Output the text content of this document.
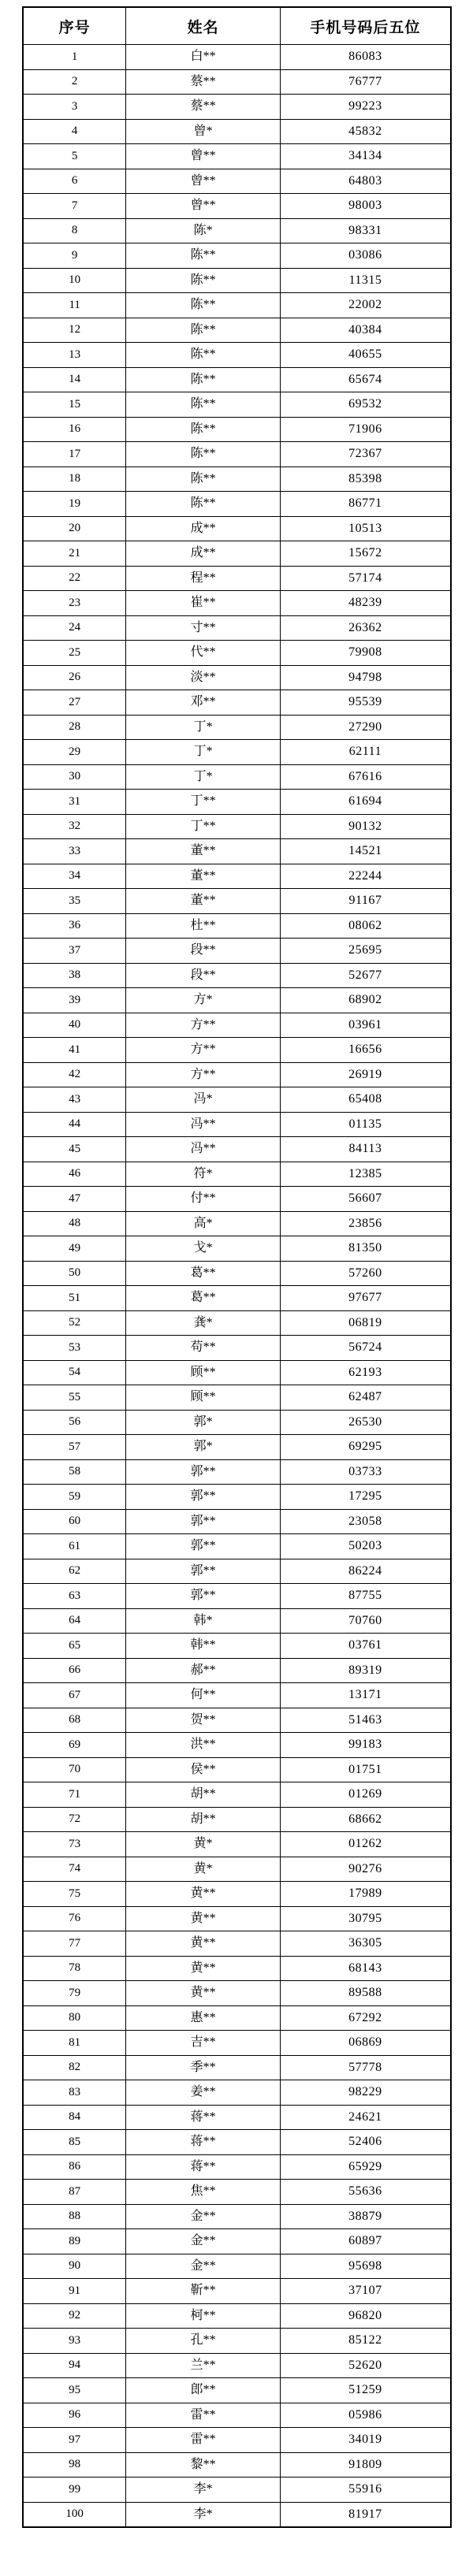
序号	姓名	手机号码后五位
1	白**	86083
2	蔡**	76777
3	蔡**	99223
4	曾*	45832
5	曾**	34134
6	曾**	64803
7	曾**	98003
8	陈*	98331
9	陈**	03086
10	陈**	11315
11	陈**	22002
12	陈**	40384
13	陈**	40655
14	陈**	65674
15	陈**	69532
16	陈**	71906
17	陈**	72367
18	陈**	85398
19	陈**	86771
20	成**	10513
21	成**	15672
22	程**	57174
23	崔**	48239
24	寸**	26362
25	代**	79908
26	淡**	94798
27	邓**	95539
28	丁*	27290
29	丁*	62111
30	丁*	67616
31	丁**	61694
32	丁**	90132
33	董**	14521
34	董**	22244
35	董**	91167
36	杜**	08062
37	段**	25695
38	段**	52677
39	方*	68902
40	方**	03961
41	方**	16656
42	方**	26919
43	冯*	65408
44	冯**	01135
45	冯**	84113
46	符*	12385
47	付**	56607
48	高*	23856
49	戈*	81350
50	葛**	57260
51	葛**	97677
52	龚*	06819
53	苟**	56724
54	顾**	62193
55	顾**	62487
56	郭*	26530
57	郭*	69295
58	郭**	03733
59	郭**	17295
60	郭**	23058
61	郭**	50203
62	郭**	86224
63	郭**	87755
64	韩*	70760
65	韩**	03761
66	郝**	89319
67	何**	13171
68	贺**	51463
69	洪**	99183
70	侯**	01751
71	胡**	01269
72	胡**	68662
73	黄*	01262
74	黄*	90276
75	黄**	17989
76	黄**	30795
77	黄**	36305
78	黄**	68143
79	黄**	89588
80	惠**	67292
81	吉**	06869
82	季**	57778
83	姜**	98229
84	蒋**	24621
85	蒋**	52406
86	蒋**	65929
87	焦**	55636
88	金**	38879
89	金**	60897
90	金**	95698
91	靳**	37107
92	柯**	96820
93	孔**	85122
94	兰**	52620
95	郎**	51259
96	雷**	05986
97	雷**	34019
98	黎**	91809
99	李*	55916
100	李*	81917
